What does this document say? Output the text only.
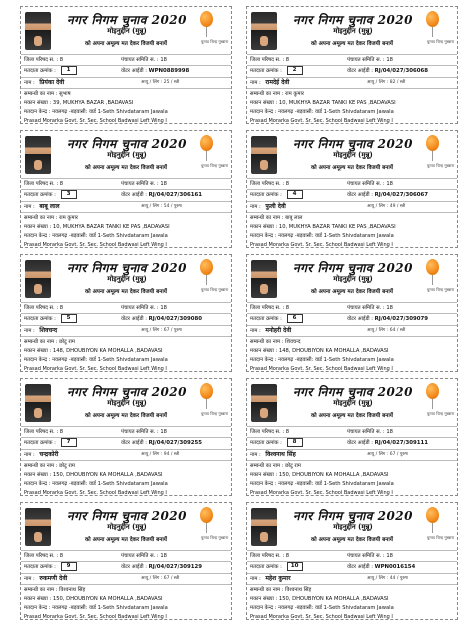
नगर निगम चुनाव 2020
मोइनुद्दीन (मुन्नू)
को अपना अमूल्य मत देकर विजयी बनायें	चुनाव चिन्ह गुब्बारा
जिला परिषद स. : 8	पंचायत समिति स. : 18
मतदाता क्रमांक : 1	वोटर आईडी : WPN0889998
नाम : प्रियंका देवी	आयु / लिंग : 25 / स्त्री
सम्बन्धी का नाम : सुभाष
मकान संख्या : 39, MUKHYA BAZAR ,BADAVASI
मतदान केन्द्र : नवलगढ़ -बड़वासी: वार्ड 1-Seth Shivdataram Jawala
Prasad Morarka Govt. Sr. Sec. School Badwasi Left Wing I
नगर निगम चुनाव 2020
मोइनुद्दीन (मुन्नू)
को अपना अमूल्य मत देकर विजयी बनायें	चुनाव चिन्ह गुब्बारा
जिला परिषद स. : 8	पंचायत समिति स. : 18
मतदाता क्रमांक : 2	वोटर आईडी : RJ/04/027/306068
नाम : रामदेई देवी	आयु / लिंग : 82 / स्त्री
सम्बन्धी का नाम : राम कुमार
मकान संख्या : 10, MUKHYA BAZAR TANKI KE PAS ,BADAVASI
मतदान केन्द्र : नवलगढ़ -बड़वासी: वार्ड 1-Seth Shivdataram Jawala
Prasad Morarka Govt. Sr. Sec. School Badwasi Left Wing I
नगर निगम चुनाव 2020
मोइनुद्दीन (मुन्नू)
को अपना अमूल्य मत देकर विजयी बनायें	चुनाव चिन्ह गुब्बारा
जिला परिषद स. : 8	पंचायत समिति स. : 18
मतदाता क्रमांक : 3	वोटर आईडी : RJ/04/027/306161
नाम : बाबू लाल	आयु / लिंग : 54 / पुरुष
सम्बन्धी का नाम : राम कुमार
मकान संख्या : 10, MUKHYA BAZAR TANKI KE PAS ,BADAVASI
मतदान केन्द्र : नवलगढ़ -बड़वासी: वार्ड 1-Seth Shivdataram Jawala
Prasad Morarka Govt. Sr. Sec. School Badwasi Left Wing I
नगर निगम चुनाव 2020
मोइनुद्दीन (मुन्नू)
को अपना अमूल्य मत देकर विजयी बनायें	चुनाव चिन्ह गुब्बारा
जिला परिषद स. : 8	पंचायत समिति स. : 18
मतदाता क्रमांक : 4	वोटर आईडी : RJ/04/027/306067
नाम : फुली देवी	आयु / लिंग : 49 / स्त्री
सम्बन्धी का नाम : बाबू लाल
मकान संख्या : 10, MUKHYA BAZAR TANKI KE PAS ,BADAVASI
मतदान केन्द्र : नवलगढ़ -बड़वासी: वार्ड 1-Seth Shivdataram Jawala
Prasad Morarka Govt. Sr. Sec. School Badwasi Left Wing I
नगर निगम चुनाव 2020
मोइनुद्दीन (मुन्नू)
को अपना अमूल्य मत देकर विजयी बनायें	चुनाव चिन्ह गुब्बारा
जिला परिषद स. : 8	पंचायत समिति स. : 18
मतदाता क्रमांक : 5	वोटर आईडी : RJ/04/027/309080
नाम : शिवचन्द	आयु / लिंग : 67 / पुरुष
सम्बन्धी का नाम : छोटू राम
मकान संख्या : 148, DHOUBIYON KA MOHALLA ,BADAVASI
मतदान केन्द्र : नवलगढ़ -बड़वासी: वार्ड 1-Seth Shivdataram Jawala
Prasad Morarka Govt. Sr. Sec. School Badwasi Left Wing I
नगर निगम चुनाव 2020
मोइनुद्दीन (मुन्नू)
को अपना अमूल्य मत देकर विजयी बनायें	चुनाव चिन्ह गुब्बारा
जिला परिषद स. : 8	पंचायत समिति स. : 18
मतदाता क्रमांक : 6	वोटर आईडी : RJ/04/027/309079
नाम : मनोहरी देवी	आयु / लिंग : 64 / स्त्री
सम्बन्धी का नाम : शिवचन्द
मकान संख्या : 148, DHOUBIYON KA MOHALLA ,BADAVASI
मतदान केन्द्र : नवलगढ़ -बड़वासी: वार्ड 1-Seth Shivdataram Jawala
Prasad Morarka Govt. Sr. Sec. School Badwasi Left Wing I
नगर निगम चुनाव 2020
मोइनुद्दीन (मुन्नू)
को अपना अमूल्य मत देकर विजयी बनायें	चुनाव चिन्ह गुब्बारा
जिला परिषद स. : 8	पंचायत समिति स. : 18
मतदाता क्रमांक : 7	वोटर आईडी : RJ/04/027/309255
नाम : चन्द्रकोरी	आयु / लिंग : 94 / स्त्री
सम्बन्धी का नाम : छोटू राम
मकान संख्या : 150, DHOUBIYON KA MOHALLA ,BADAVASI
मतदान केन्द्र : नवलगढ़ -बड़वासी: वार्ड 1-Seth Shivdataram Jawala
Prasad Morarka Govt. Sr. Sec. School Badwasi Left Wing I
नगर निगम चुनाव 2020
मोइनुद्दीन (मुन्नू)
को अपना अमूल्य मत देकर विजयी बनायें	चुनाव चिन्ह गुब्बारा
जिला परिषद स. : 8	पंचायत समिति स. : 18
मतदाता क्रमांक : 8	वोटर आईडी : RJ/04/027/309111
नाम : विश्वनाथ सिंह	आयु / लिंग : 67 / पुरुष
सम्बन्धी का नाम : छोटू राम
मकान संख्या : 150, DHOUBIYON KA MOHALLA ,BADAVASI
मतदान केन्द्र : नवलगढ़ -बड़वासी: वार्ड 1-Seth Shivdataram Jawala
Prasad Morarka Govt. Sr. Sec. School Badwasi Left Wing I
नगर निगम चुनाव 2020
मोइनुद्दीन (मुन्नू)
को अपना अमूल्य मत देकर विजयी बनायें	चुनाव चिन्ह गुब्बारा
जिला परिषद स. : 8	पंचायत समिति स. : 18
मतदाता क्रमांक : 9	वोटर आईडी : RJ/04/027/309129
नाम : रुकमणी देवी	आयु / लिंग : 67 / स्त्री
सम्बन्धी का नाम : विश्वनाथ सिंह
मकान संख्या : 150, DHOUBIYON KA MOHALLA ,BADAVASI
मतदान केन्द्र : नवलगढ़ -बड़वासी: वार्ड 1-Seth Shivdataram Jawala
Prasad Morarka Govt. Sr. Sec. School Badwasi Left Wing I
नगर निगम चुनाव 2020
मोइनुद्दीन (मुन्नू)
को अपना अमूल्य मत देकर विजयी बनायें	चुनाव चिन्ह गुब्बारा
जिला परिषद स. : 8	पंचायत समिति स. : 18
मतदाता क्रमांक : 10	वोटर आईडी : WPN0016154
नाम : महेश कुमार	आयु / लिंग : 44 / पुरुष
सम्बन्धी का नाम : विश्वनाथ सिंह
मकान संख्या : 150, DHOUBIYON KA MOHALLA ,BADAVASI
मतदान केन्द्र : नवलगढ़ -बड़वासी: वार्ड 1-Seth Shivdataram Jawala
Prasad Morarka Govt. Sr. Sec. School Badwasi Left Wing I
